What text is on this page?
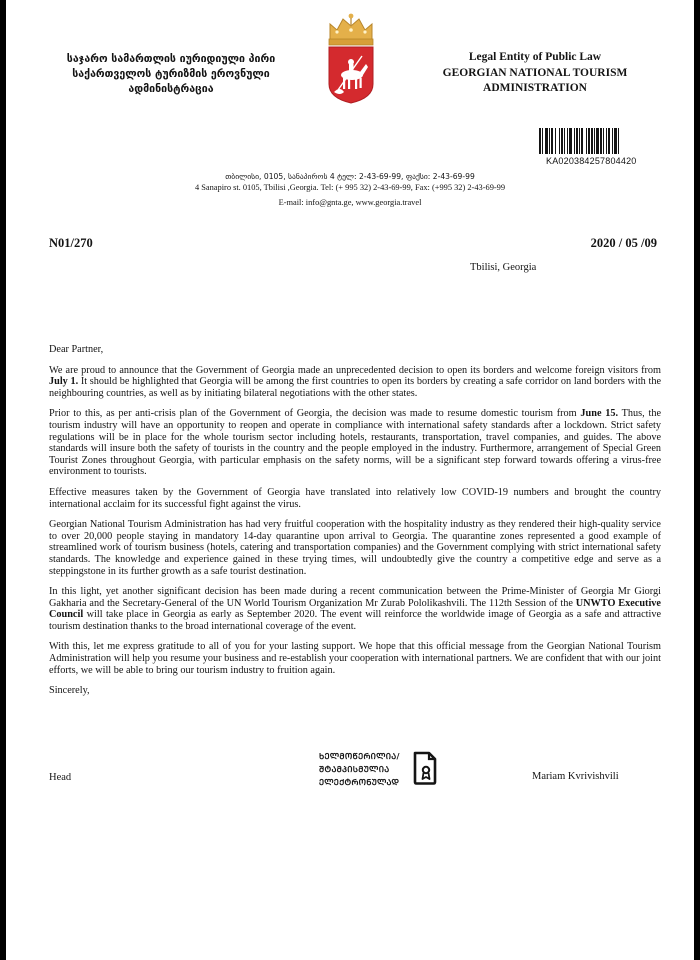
საჯარო სამართლის იურიდიული პირი
საქართველოს ტურიზმის ეროვნული
ადმინისტრაცია
Legal Entity of Public Law
GEORGIAN NATIONAL TOURISM
ADMINISTRATION
KA020384257804420
თბილისი, 0105, სანაპიროს 4 ტელ: 2-43-69-99, ფაქსი: 2-43-69-99
4 Sanapiro st. 0105, Tbilisi ,Georgia. Tel: (+ 995 32) 2-43-69-99, Fax: (+995 32) 2-43-69-99
E-mail: info@gnta.ge, www.georgia.travel
N01/270	2020 / 05 /09
Tbilisi, Georgia

Dear Partner,

We are proud to announce that the Government of Georgia made an unprecedented decision to open its borders and welcome foreign visitors from July 1. It should be highlighted that Georgia will be among the first countries to open its borders by creating a safe corridor on land borders with the neighbouring countries, as well as by initiating bilateral negotiations with the other states.

Prior to this, as per anti-crisis plan of the Government of Georgia, the decision was made to resume domestic tourism from June 15. Thus, the tourism industry will have an opportunity to reopen and operate in compliance with international safety standards after a lockdown. Strict safety regulations will be in place for the whole tourism sector including hotels, restaurants, transportation, travel companies, and guides. The above standards will insure both the safety of tourists in the country and the people employed in the industry. Furthermore, arrangement of Special Green Tourist Zones throughout Georgia, with particular emphasis on the safety norms, will be a significant step forward towards offering a virus-free environment to tourists.

Effective measures taken by the Government of Georgia have translated into relatively low COVID-19 numbers and brought the country international acclaim for its successful fight against the virus.

Georgian National Tourism Administration has had very fruitful cooperation with the hospitality industry as they rendered their high-quality service to over 20,000 people staying in mandatory 14-day quarantine upon arrival to Georgia. The quarantine zones represented a good example of streamlined work of tourism business (hotels, catering and transportation companies) and the Government complying with strict international safety standards. The knowledge and experience gained in these trying times, will undoubtedly give the country a competitive edge and serve as a steppingstone in its further growth as a safe tourist destination.

In this light, yet another significant decision has been made during a recent communication between the Prime-Minister of Georgia Mr Giorgi Gakharia and the Secretary-General of the UN World Tourism Organization Mr Zurab Pololikashvili. The 112th Session of the UNWTO Executive Council will take place in Georgia as early as September 2020. The event will reinforce the worldwide image of Georgia as a safe and attractive tourism destination thanks to the broad international coverage of the event.

With this, let me express gratitude to all of you for your lasting support. We hope that this official message from the Georgian National Tourism Administration will help you resume your business and re-establish your cooperation with international partners. We are confident that with our joint efforts, we will be able to bring our tourism industry to fruition again.

Sincerely,

Head
ᲮᲔᲚᲛᲝᲬᲔᲠᲘᲚᲘᲐ/
ᲨᲢᲐᲛᲞᲘᲡᲛᲣᲚᲘᲐ
ᲔᲚᲔᲥᲢᲠᲝᲜᲣᲚᲐᲓ	Mariam Kvrivishvili
